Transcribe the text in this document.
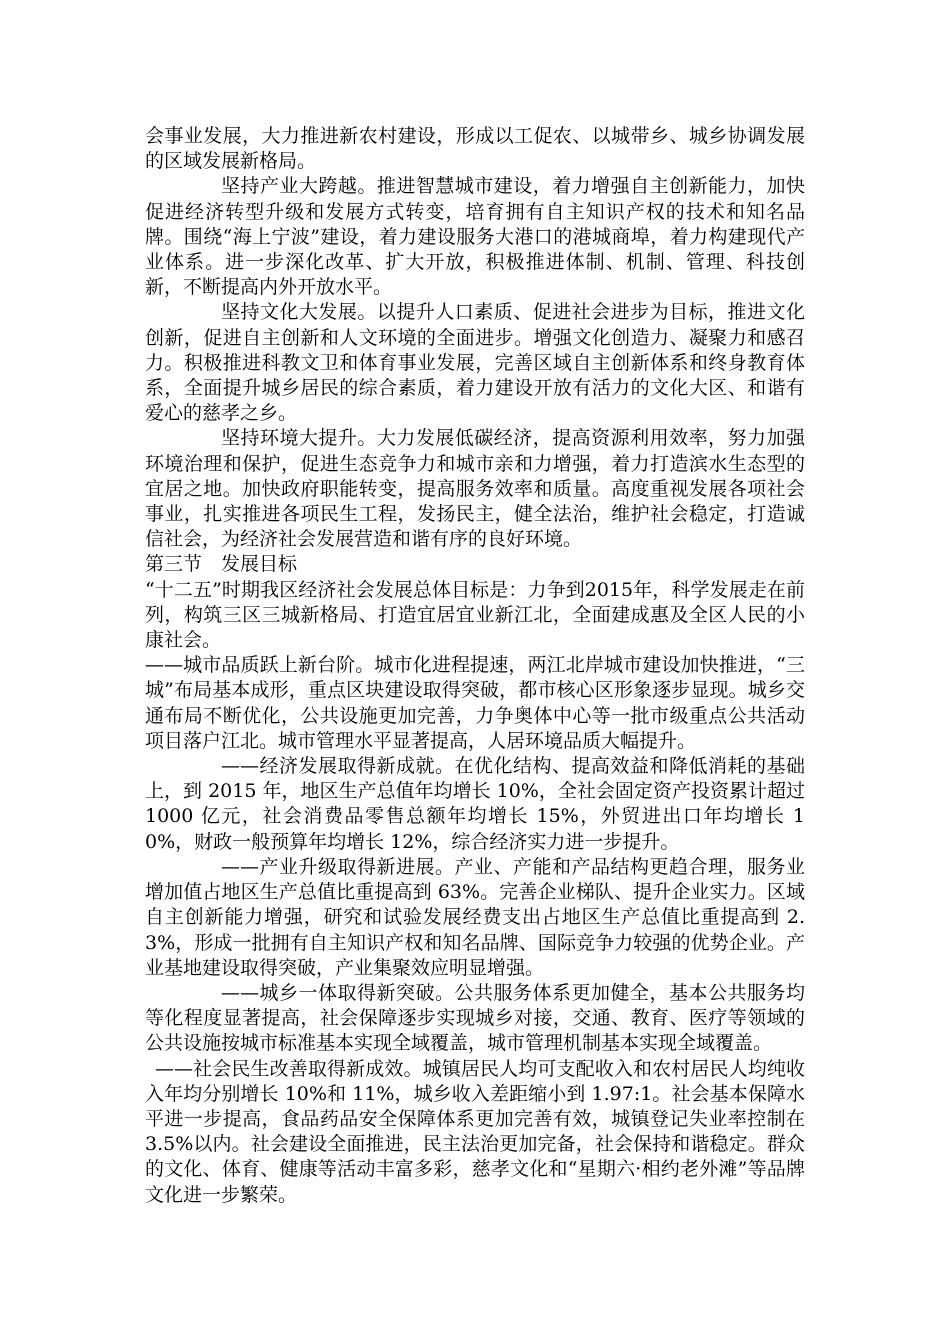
会事业发展，大力推进新农村建设，形成以工促农、以城带乡、城乡协调发展的区域发展新格局。

坚持产业大跨越。推进智慧城市建设，着力增强自主创新能力，加快促进经济转型升级和发展方式转变，培育拥有自主知识产权的技术和知名品牌。围绕“海上宁波”建设，着力建设服务大港口的港城商埠，着力构建现代产业体系。进一步深化改革、扩大开放，积极推进体制、机制、管理、科技创新，不断提高内外开放水平。

坚持文化大发展。以提升人口素质、促进社会进步为目标，推进文化创新，促进自主创新和人文环境的全面进步。增强文化创造力、凝聚力和感召力。积极推进科教文卫和体育事业发展，完善区域自主创新体系和终身教育体系，全面提升城乡居民的综合素质，着力建设开放有活力的文化大区、和谐有爱心的慈孝之乡。

坚持环境大提升。大力发展低碳经济，提高资源利用效率，努力加强环境治理和保护，促进生态竞争力和城市亲和力增强，着力打造滨水生态型的宜居之地。加快政府职能转变，提高服务效率和质量。高度重视发展各项社会事业，扎实推进各项民生工程，发扬民主，健全法治，维护社会稳定，打造诚信社会，为经济社会发展营造和谐有序的良好环境。

第三节　发展目标

“十二五”时期我区经济社会发展总体目标是：力争到2015年，科学发展走在前列，构筑三区三城新格局、打造宜居宜业新江北，全面建成惠及全区人民的小康社会。

——城市品质跃上新台阶。城市化进程提速，两江北岸城市建设加快推进，“三城”布局基本成形，重点区块建设取得突破，都市核心区形象逐步显现。城乡交通布局不断优化，公共设施更加完善，力争奥体中心等一批市级重点公共活动项目落户江北。城市管理水平显著提高，人居环境品质大幅提升。

——经济发展取得新成就。在优化结构、提高效益和降低消耗的基础上，到 2015 年，地区生产总值年均增长 10%，全社会固定资产投资累计超过 1000 亿元，社会消费品零售总额年均增长 15%，外贸进出口年均增长 10%，财政一般预算年均增长 12%，综合经济实力进一步提升。

——产业升级取得新进展。产业、产能和产品结构更趋合理，服务业增加值占地区生产总值比重提高到 63%。完善企业梯队、提升企业实力。区域自主创新能力增强，研究和试验发展经费支出占地区生产总值比重提高到 2.3%，形成一批拥有自主知识产权和知名品牌、国际竞争力较强的优势企业。产业基地建设取得突破，产业集聚效应明显增强。

——城乡一体取得新突破。公共服务体系更加健全，基本公共服务均等化程度显著提高，社会保障逐步实现城乡对接，交通、教育、医疗等领域的公共设施按城市标准基本实现全域覆盖，城市管理机制基本实现全域覆盖。

——社会民生改善取得新成效。城镇居民人均可支配收入和农村居民人均纯收入年均分别增长 10%和 11%，城乡收入差距缩小到 1.97:1。社会基本保障水平进一步提高，食品药品安全保障体系更加完善有效，城镇登记失业率控制在 3.5%以内。社会建设全面推进，民主法治更加完备，社会保持和谐稳定。群众的文化、体育、健康等活动丰富多彩，慈孝文化和“星期六·相约老外滩”等品牌文化进一步繁荣。
